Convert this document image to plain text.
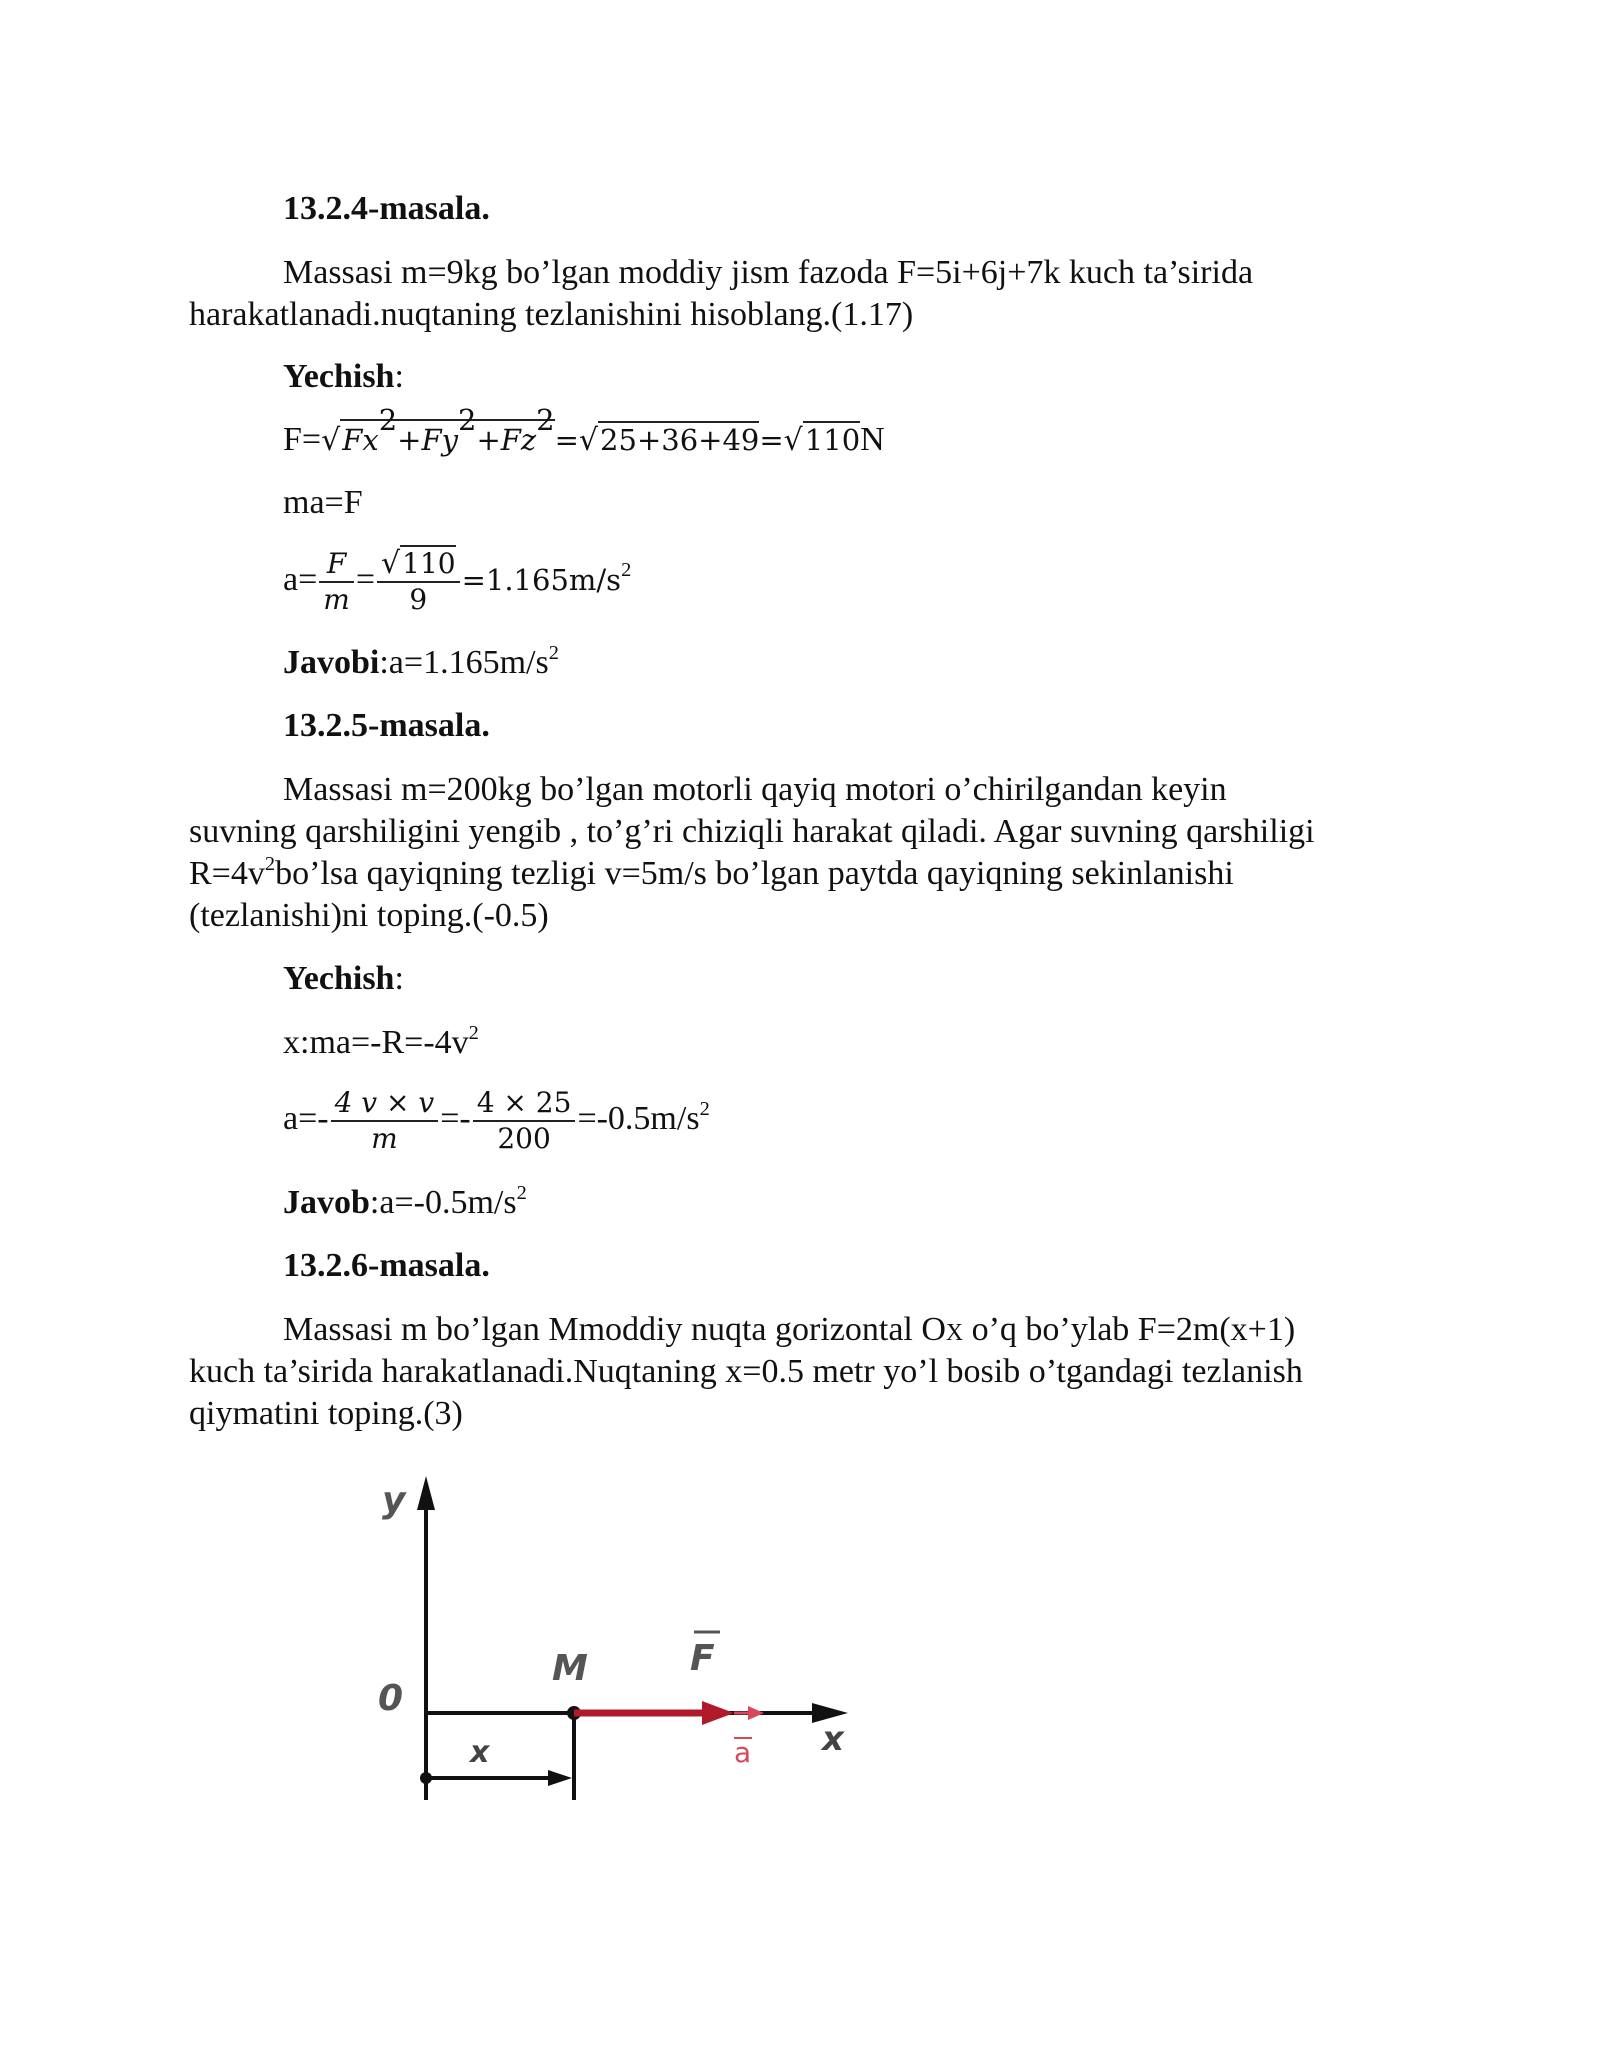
13.2.4-masala.
Massasi m=9kg bo’lgan moddiy jism fazoda F=5i+6j+7k kuch ta’sirida
harakatlanadi.nuqtaning tezlanishini hisoblang.(1.17)
Yechish:
$F=√Fx^2+Fy^2+Fz^2=√25+36+49=√110N$
ma=F
$a= \frac{F}{m} = \frac{√110}{9} =1.165m/s^2$
$Javobi:a=1.165m/s^2$
13.2.5-masala.
Massasi m=200kg bo’lgan motorli qayiq motori o’chirilgandan keyin
suvning qarshiligini yengib , to’g’ri chiziqli harakat qiladi. Agar suvning qarshiligi
$R=4v^2bo’lsa$ qayiqning tezligi v=5m/s bo’lgan paytda qayiqning sekinlanishi
(tezlanishi)ni toping.(-0.5)
Yechish:
$x:ma=-R=-4v^2$
$a=- \frac{4 v \times v}{m} =- \frac{4 \times 25}{200} =-0.5m/s^2$
$Javob:a=-0.5m/s^2$
13.2.6-masala.
Massasi m bo’lgan Mmoddiy nuqta gorizontal OX o’q bo’ylab F=2m(x+1)
kuch ta’sirida harakatlanadi.Nuqtaning x=0.5 metr yo’l bosib o’tgandagi tezlanish
qiymatini toping.(3)
y
x
0
x
M	F
a
